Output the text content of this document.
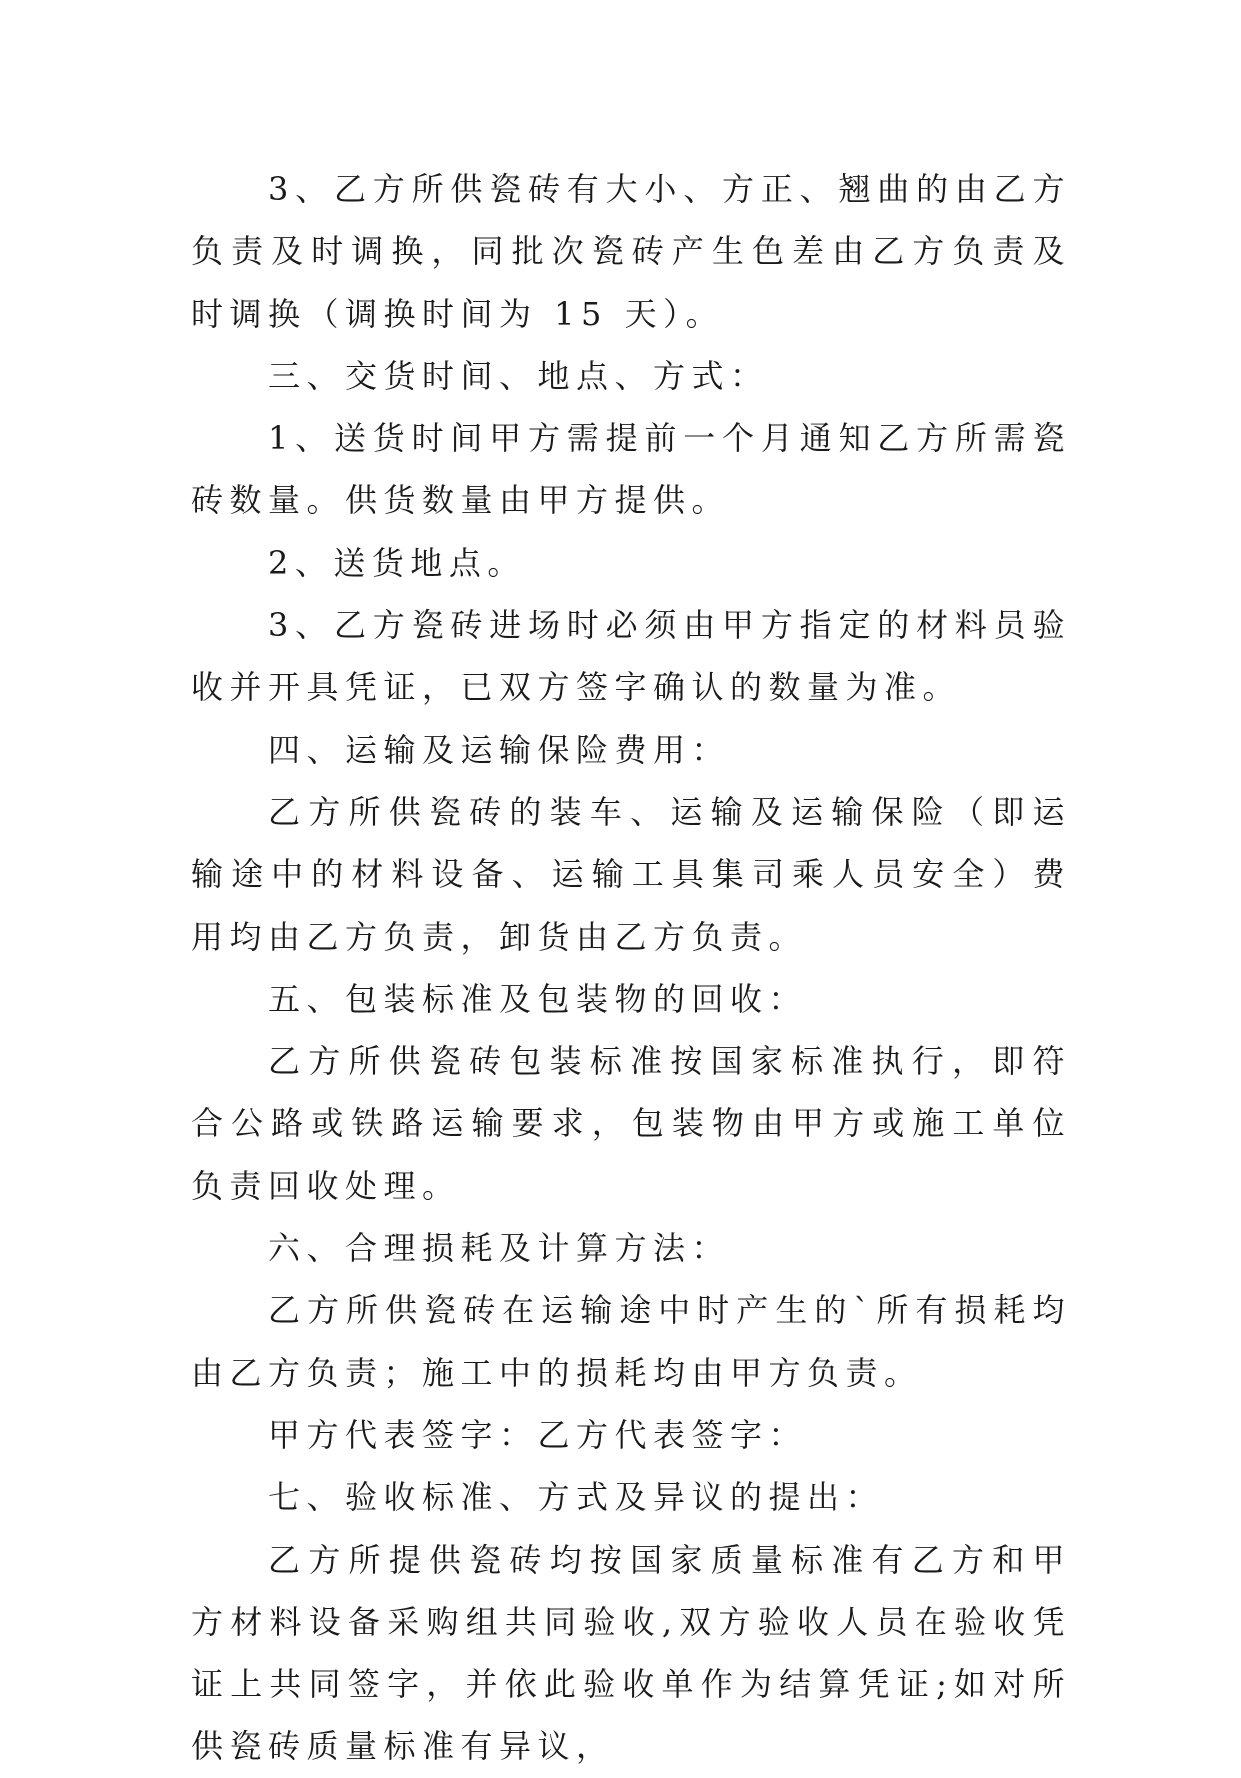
3、乙方所供瓷砖有大小、方正、翘曲的由乙方负责及时调换，同批次瓷砖产生色差由乙方负责及时调换（调换时间为 15 天）。

三、交货时间、地点、方式：

1、送货时间甲方需提前一个月通知乙方所需瓷砖数量。供货数量由甲方提供。

2、送货地点。

3、乙方瓷砖进场时必须由甲方指定的材料员验收并开具凭证，已双方签字确认的数量为准。

四、运输及运输保险费用：

乙方所供瓷砖的装车、运输及运输保险（即运输途中的材料设备、运输工具集司乘人员安全）费用均由乙方负责，卸货由乙方负责。

五、包装标准及包装物的回收：

乙方所供瓷砖包装标准按国家标准执行，即符合公路或铁路运输要求，包装物由甲方或施工单位负责回收处理。

六、合理损耗及计算方法：

乙方所供瓷砖在运输途中时产生的`所有损耗均由乙方负责；施工中的损耗均由甲方负责。

甲方代表签字：乙方代表签字：

七、验收标准、方式及异议的提出：

乙方所提供瓷砖均按国家质量标准有乙方和甲方材料设备采购组共同验收,双方验收人员在验收凭证上共同签字，并依此验收单作为结算凭证;如对所供瓷砖质量标准有异议，
